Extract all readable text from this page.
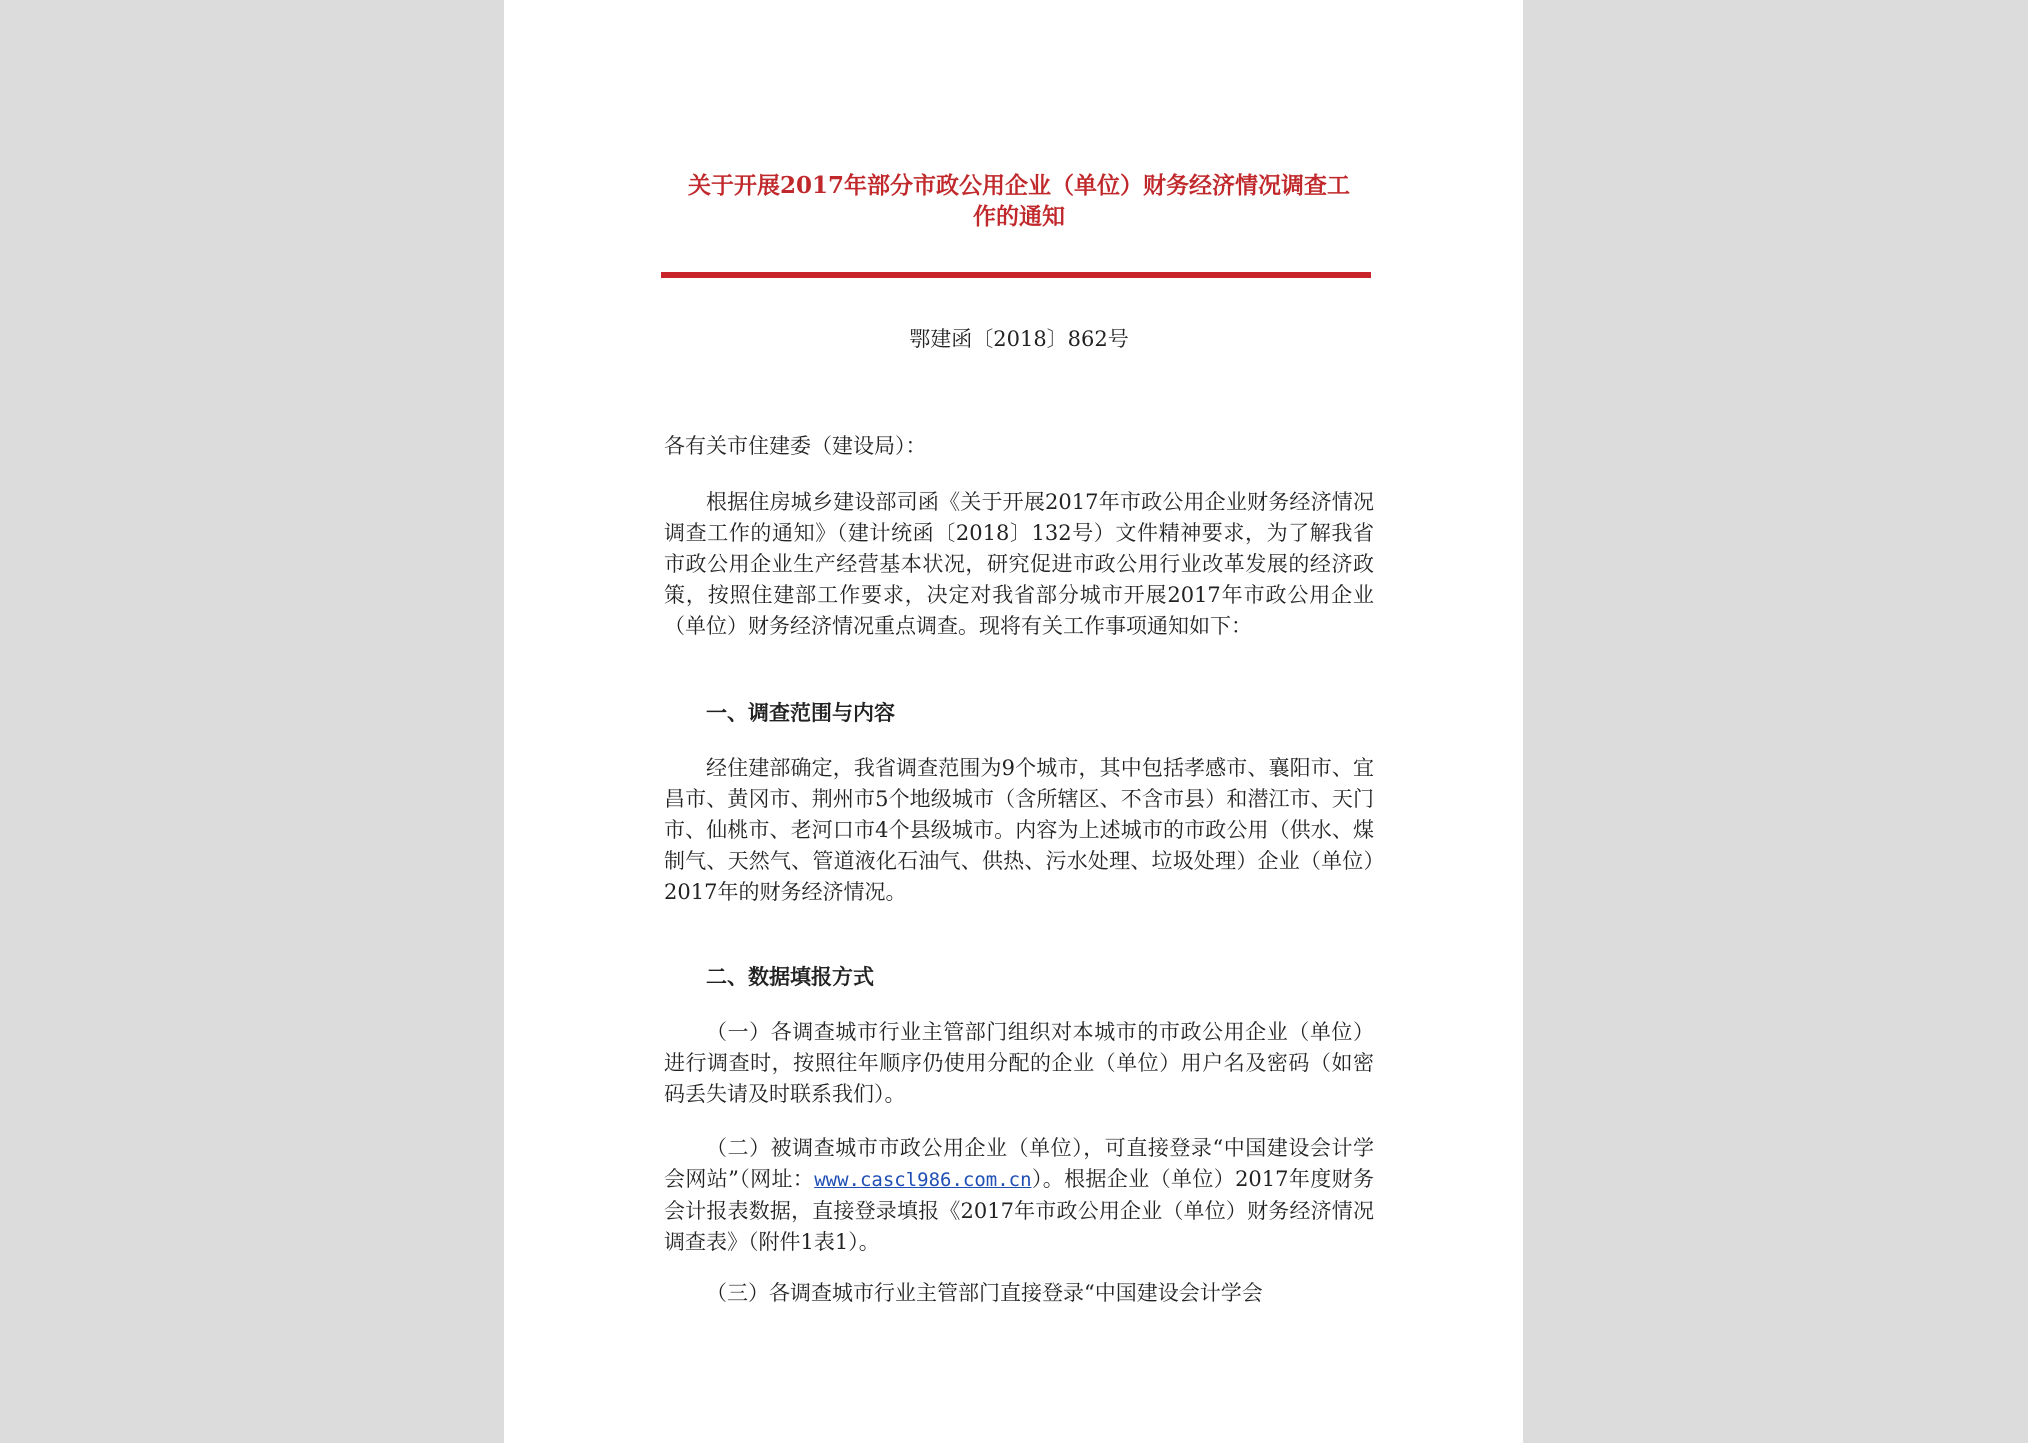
关于开展2017年部分市政公用企业（单位）财务经济情况调查工
作的通知
鄂建函〔2018〕862号

各有关市住建委（建设局）：

根据住房城乡建设部司函《关于开展2017年市政公用企业财务经济情况调查工作的通知》（建计统函〔2018〕132号）文件精神要求，为了解我省市政公用企业生产经营基本状况，研究促进市政公用行业改革发展的经济政策，按照住建部工作要求，决定对我省部分城市开展2017年市政公用企业（单位）财务经济情况重点调查。现将有关工作事项通知如下：

一、调查范围与内容

经住建部确定，我省调查范围为9个城市，其中包括孝感市、襄阳市、宜昌市、黄冈市、荆州市5个地级城市（含所辖区、不含市县）和潜江市、天门市、仙桃市、老河口市4个县级城市。内容为上述城市的市政公用（供水、煤制气、天然气、管道液化石油气、供热、污水处理、垃圾处理）企业（单位）2017年的财务经济情况。

二、数据填报方式

（一）各调查城市行业主管部门组织对本城市的市政公用企业（单位）进行调查时，按照往年顺序仍使用分配的企业（单位）用户名及密码（如密码丢失请及时联系我们）。

（二）被调查城市市政公用企业（单位），可直接登录“中国建设会计学会网站”（网址：www.cascl986.com.cn）。根据企业（单位）2017年度财务会计报表数据，直接登录填报《2017年市政公用企业（单位）财务经济情况调查表》（附件1表1）。

（三）各调查城市行业主管部门直接登录“中国建设会计学会
